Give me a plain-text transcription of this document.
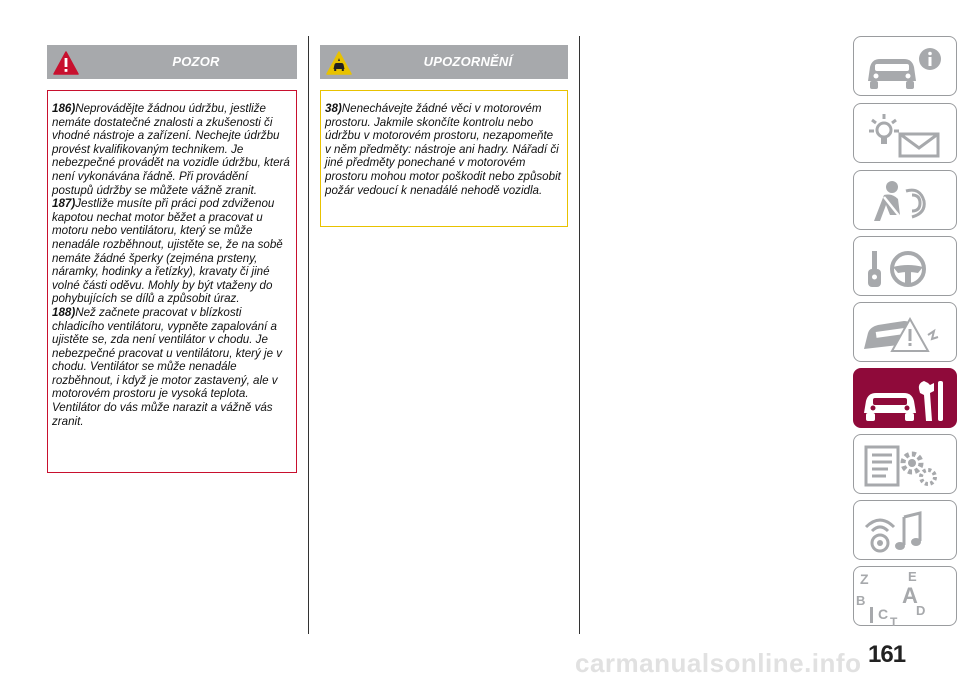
POZOR

186)Neprovádějte žádnou údržbu, jestliže nemáte dostatečné znalosti a zkušenosti či vhodné nástroje a zařízení. Nechejte údržbu provést kvalifikovaným technikem. Je nebezpečné provádět na vozidle údržbu, která není vykonávána řádně. Při provádění postupů údržby se můžete vážně zranit.

187)Jestliže musíte při práci pod zdviženou kapotou nechat motor běžet a pracovat u motoru nebo ventilátoru, který se může nenadále rozběhnout, ujistěte se, že na sobě nemáte žádné šperky (zejména prsteny, náramky, hodinky a řetízky), kravaty či jiné volné části oděvu. Mohly by být vtaženy do pohybujících se dílů a způsobit úraz.

188)Než začnete pracovat v blízkosti chladicího ventilátoru, vypněte zapalování a ujistěte se, zda není ventilátor v chodu. Je nebezpečné pracovat u ventilátoru, který je v chodu. Ventilátor se může nenadále rozběhnout, i když je motor zastavený, ale v motorovém prostoru je vysoká teplota. Ventilátor do vás může narazit a vážně vás zranit.

UPOZORNĚNÍ

38)Nenechávejte žádné věci v motorovém prostoru. Jakmile skončíte kontrolu nebo údržbu v motorovém prostoru, nezapomeňte v něm předměty: nástroje ani hadry. Nářadí či jiné předměty ponechané v motorovém prostoru mohou motor poškodit nebo způsobit požár vedoucí k nenadálé nehodě vozidla.

Z	E
B A
C D
T
161
carmanualsonline.info
